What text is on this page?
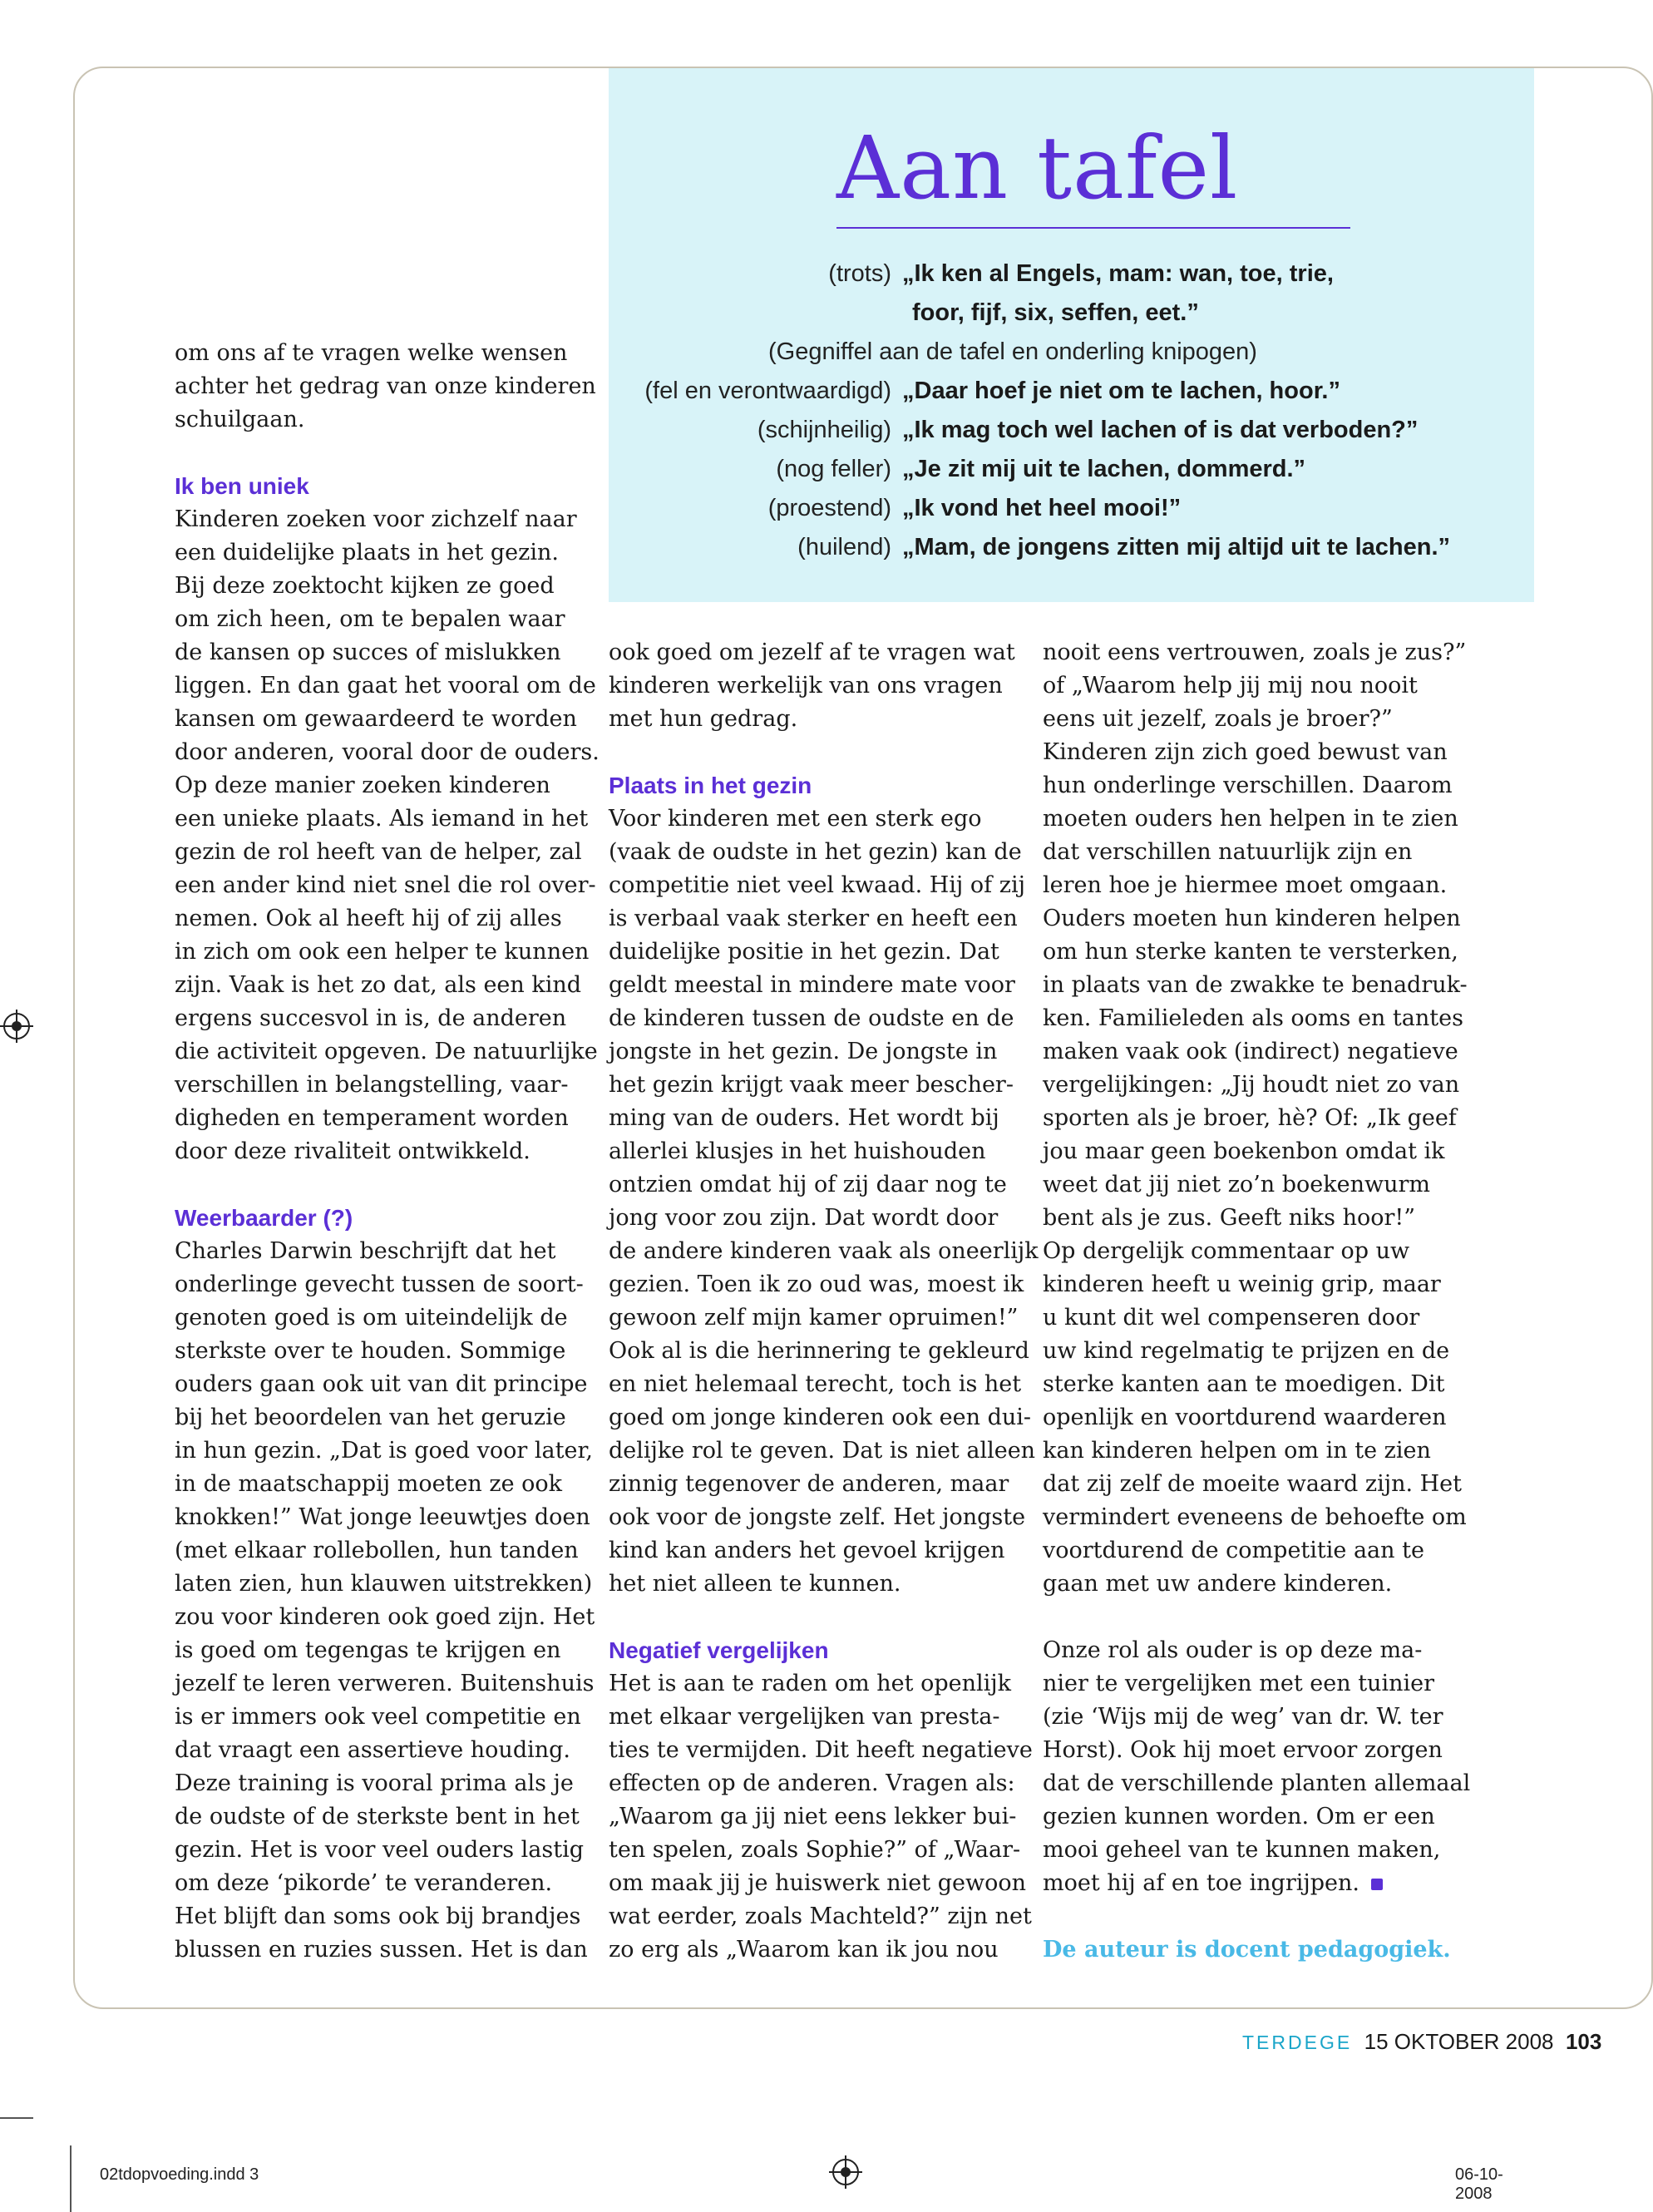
Aan tafel
(trots) „Ik ken al Engels, mam: wan, toe, trie,
foor, fijf, six, seffen, eet.”
(Gegniffel aan de tafel en onderling knipogen)
(fel en verontwaardigd) „Daar hoef je niet om te lachen, hoor.”
(schijnheilig) „Ik mag toch wel lachen of is dat verboden?”
(nog feller) „Je zit mij uit te lachen, dommerd.”
(proestend) „Ik vond het heel mooi!”
(huilend) „Mam, de jongens zitten mij altijd uit te lachen.”

om ons af te vragen welke wensen

achter het gedrag van onze kinderen

schuilgaan.

Ik ben uniek

Kinderen zoeken voor zichzelf naar

een duidelijke plaats in het gezin.

Bij deze zoektocht kijken ze goed

om zich heen, om te bepalen waar

de kansen op succes of mislukken

liggen. En dan gaat het vooral om de

kansen om gewaardeerd te worden

door anderen, vooral door de ouders.

Op deze manier zoeken kinderen

een unieke plaats. Als iemand in het

gezin de rol heeft van de helper, zal

een ander kind niet snel die rol over-

nemen. Ook al heeft hij of zij alles

in zich om ook een helper te kunnen

zijn. Vaak is het zo dat, als een kind

ergens succesvol in is, de anderen

die activiteit opgeven. De natuurlijke

verschillen in belangstelling, vaar-

digheden en temperament worden

door deze rivaliteit ontwikkeld.

Weerbaarder (?)

Charles Darwin beschrijft dat het

onderlinge gevecht tussen de soort-

genoten goed is om uiteindelijk de

sterkste over te houden. Sommige

ouders gaan ook uit van dit principe

bij het beoordelen van het geruzie

in hun gezin. „Dat is goed voor later,

in de maatschappij moeten ze ook

knokken!” Wat jonge leeuwtjes doen

(met elkaar rollebollen, hun tanden

laten zien, hun klauwen uitstrekken)

zou voor kinderen ook goed zijn. Het

is goed om tegengas te krijgen en

jezelf te leren verweren. Buitenshuis

is er immers ook veel competitie en

dat vraagt een assertieve houding.

Deze training is vooral prima als je

de oudste of de sterkste bent in het

gezin. Het is voor veel ouders lastig

om deze ‘pikorde’ te veranderen.

Het blijft dan soms ook bij brandjes

blussen en ruzies sussen. Het is dan

ook goed om jezelf af te vragen wat

kinderen werkelijk van ons vragen

met hun gedrag.

Plaats in het gezin

Voor kinderen met een sterk ego

(vaak de oudste in het gezin) kan de

competitie niet veel kwaad. Hij of zij

is verbaal vaak sterker en heeft een

duidelijke positie in het gezin. Dat

geldt meestal in mindere mate voor

de kinderen tussen de oudste en de

jongste in het gezin. De jongste in

het gezin krijgt vaak meer bescher-

ming van de ouders. Het wordt bij

allerlei klusjes in het huishouden

ontzien omdat hij of zij daar nog te

jong voor zou zijn. Dat wordt door

de andere kinderen vaak als oneerlijk

gezien. Toen ik zo oud was, moest ik

gewoon zelf mijn kamer opruimen!”

Ook al is die herinnering te gekleurd

en niet helemaal terecht, toch is het

goed om jonge kinderen ook een dui-

delijke rol te geven. Dat is niet alleen

zinnig tegenover de anderen, maar

ook voor de jongste zelf. Het jongste

kind kan anders het gevoel krijgen

het niet alleen te kunnen.

Negatief vergelijken

Het is aan te raden om het openlijk

met elkaar vergelijken van presta-

ties te vermijden. Dit heeft negatieve

effecten op de anderen. Vragen als:

„Waarom ga jij niet eens lekker bui-

ten spelen, zoals Sophie?” of „Waar-

om maak jij je huiswerk niet gewoon

wat eerder, zoals Machteld?” zijn net

zo erg als „Waarom kan ik jou nou

nooit eens vertrouwen, zoals je zus?”

of „Waarom help jij mij nou nooit

eens uit jezelf, zoals je broer?”

Kinderen zijn zich goed bewust van

hun onderlinge verschillen. Daarom

moeten ouders hen helpen in te zien

dat verschillen natuurlijk zijn en

leren hoe je hiermee moet omgaan.

Ouders moeten hun kinderen helpen

om hun sterke kanten te versterken,

in plaats van de zwakke te benadruk-

ken. Familieleden als ooms en tantes

maken vaak ook (indirect) negatieve

vergelijkingen: „Jij houdt niet zo van

sporten als je broer, hè? Of: „Ik geef

jou maar geen boekenbon omdat ik

weet dat jij niet zo’n boekenwurm

bent als je zus. Geeft niks hoor!”

Op dergelijk commentaar op uw

kinderen heeft u weinig grip, maar

u kunt dit wel compenseren door

uw kind regelmatig te prijzen en de

sterke kanten aan te moedigen. Dit

openlijk en voortdurend waarderen

kan kinderen helpen om in te zien

dat zij zelf de moeite waard zijn. Het

vermindert eveneens de behoefte om

voortdurend de competitie aan te

gaan met uw andere kinderen.

Onze rol als ouder is op deze ma-

nier te vergelijken met een tuinier

(zie ‘Wijs mij de weg’ van dr. W. ter

Horst). Ook hij moet ervoor zorgen

dat de verschillende planten allemaal

gezien kunnen worden. Om er een

mooi geheel van te kunnen maken,

moet hij af en toe ingrijpen.

De auteur is docent pedagogiek.

TERDEGE 15 OKTOBER 2008 103
02tdopvoeding.indd 3	06-10-2008
